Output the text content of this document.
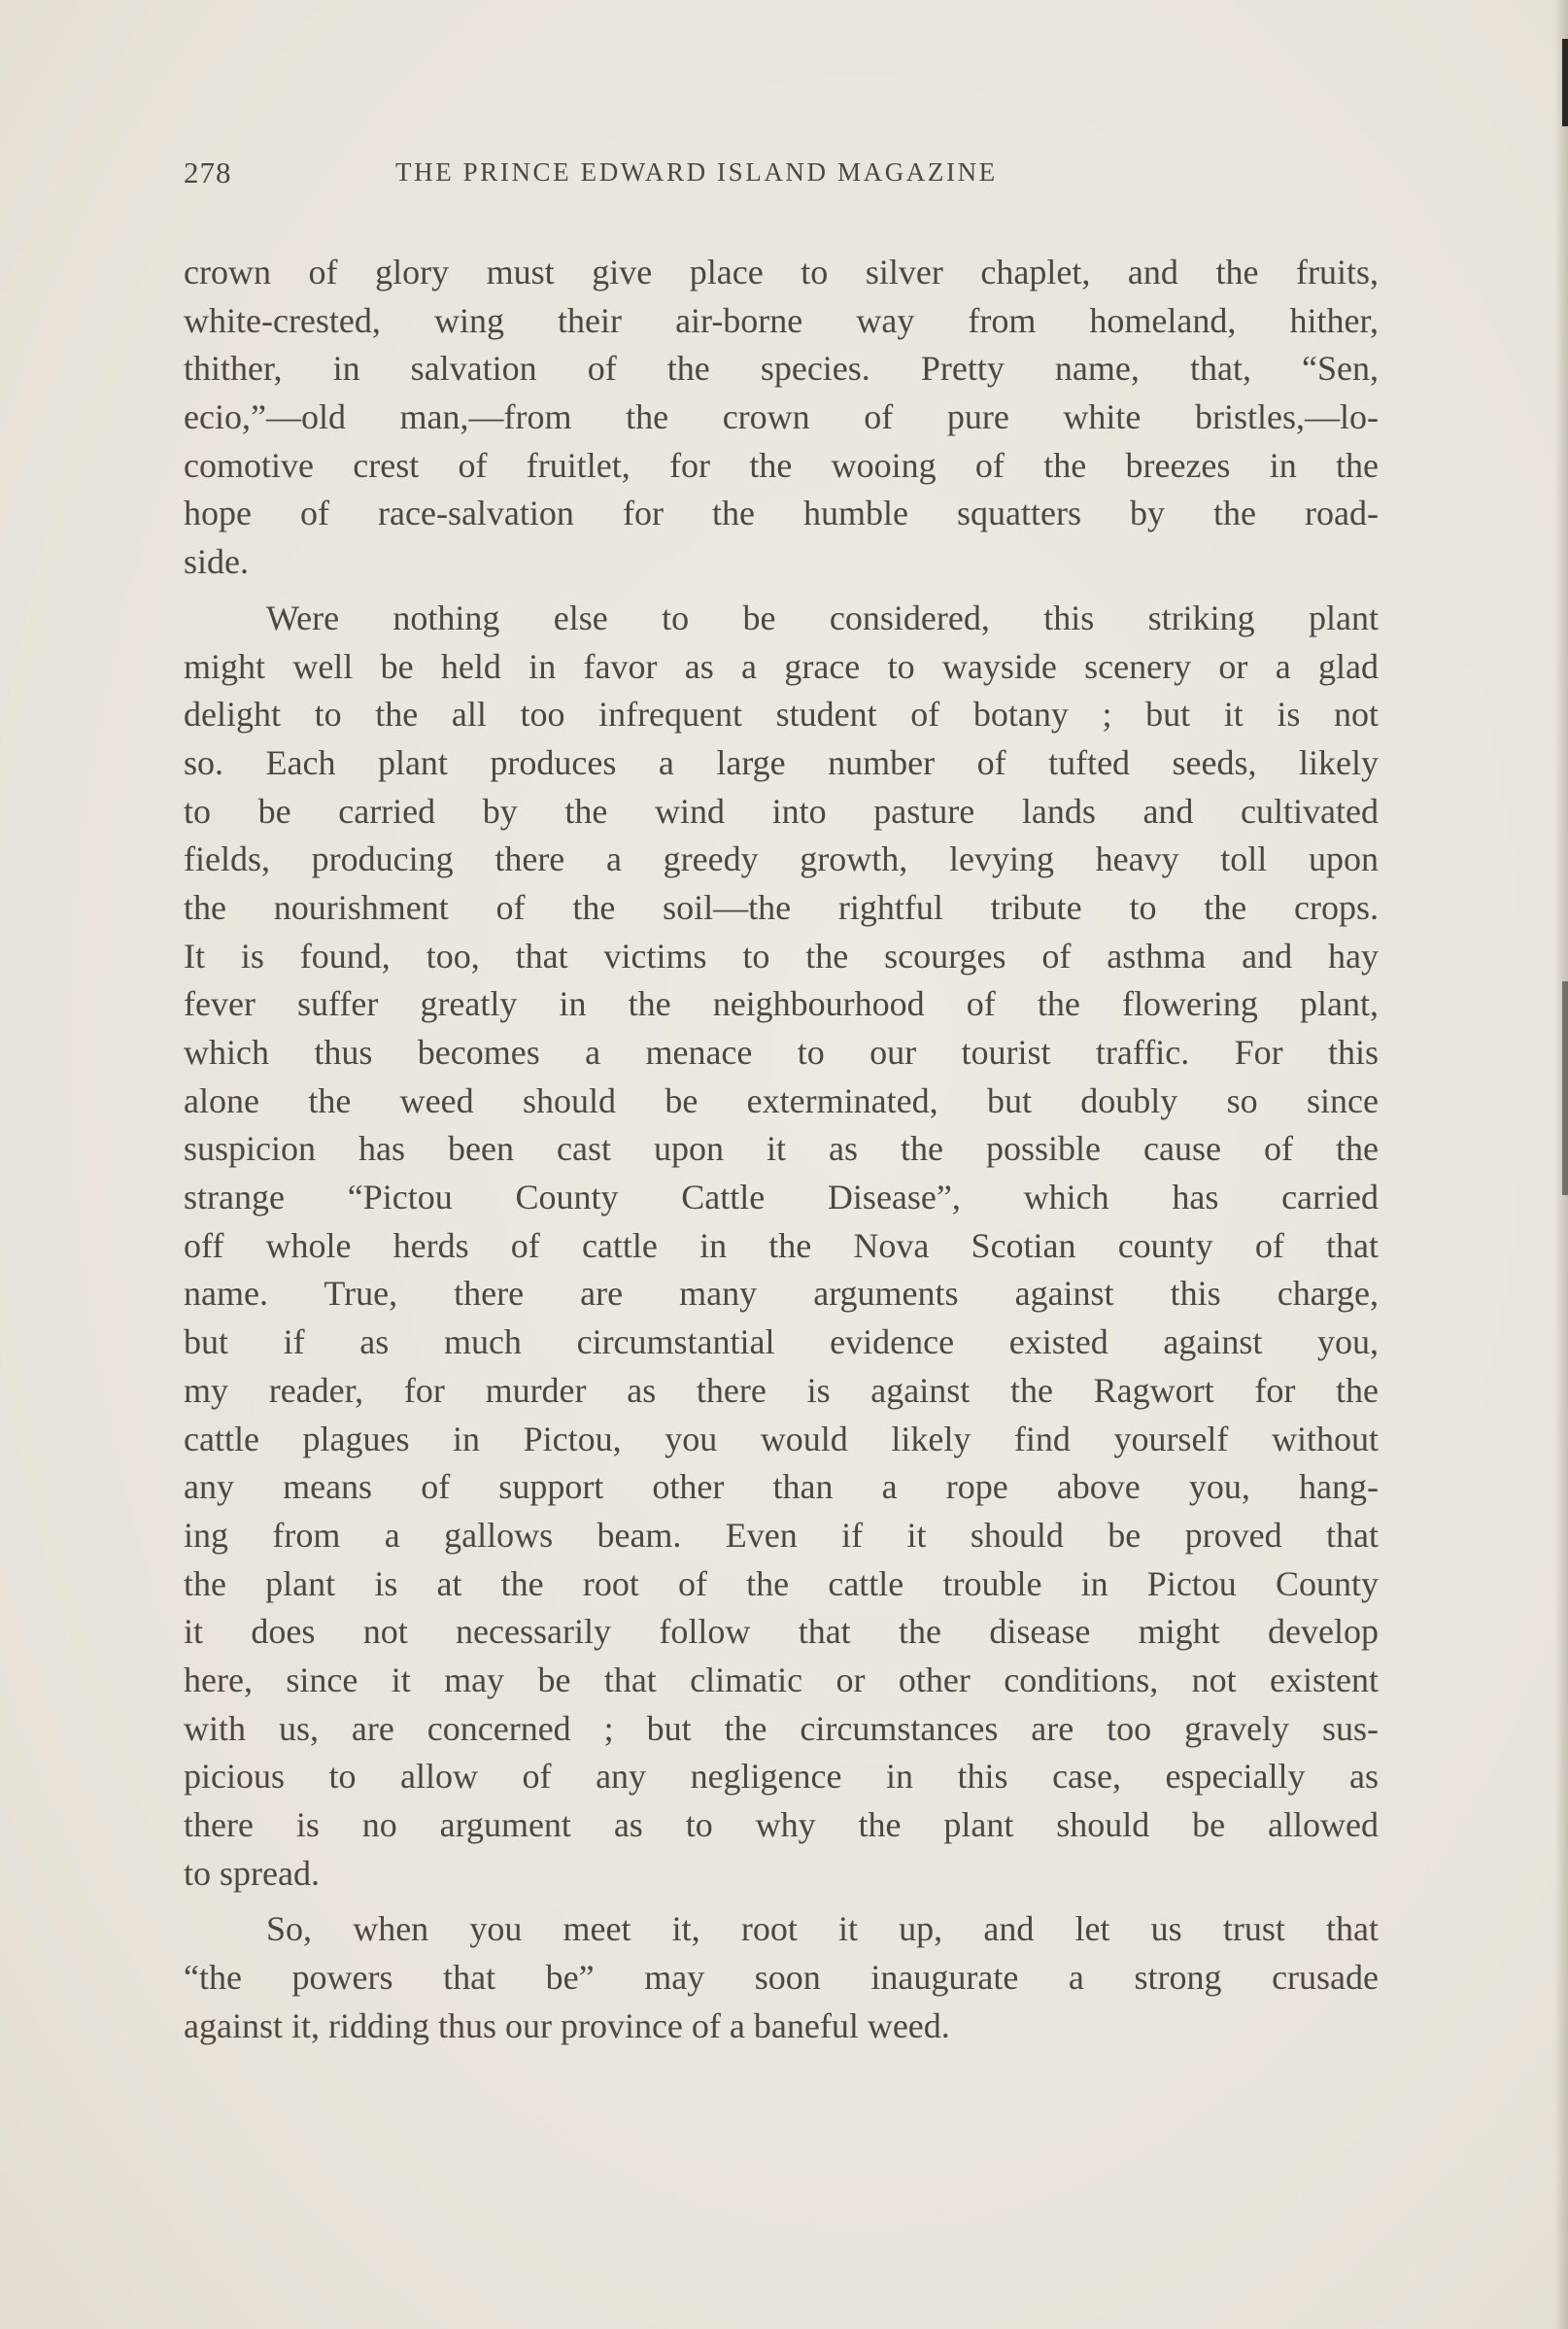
278	THE PRINCE EDWARD ISLAND MAGAZINE
crown of glory must give place to silver chaplet, and the fruits,
white-crested, wing their air-borne way from homeland, hither,
thither, in salvation of the species. Pretty name, that, “Sen,
ecio,”—old man,—from the crown of pure white bristles,—lo-
comotive crest of fruitlet, for the wooing of the breezes in the
hope of race-salvation for the humble squatters by the road-
side.
Were nothing else to be considered, this striking plant
might well be held in favor as a grace to wayside scenery or a glad
delight to the all too infrequent student of botany ; but it is not
so. Each plant produces a large number of tufted seeds, likely
to be carried by the wind into pasture lands and cultivated
fields, producing there a greedy growth, levying heavy toll upon
the nourishment of the soil—the rightful tribute to the crops.
It is found, too, that victims to the scourges of asthma and hay
fever suffer greatly in the neighbourhood of the flowering plant,
which thus becomes a menace to our tourist traffic. For this
alone the weed should be exterminated, but doubly so since
suspicion has been cast upon it as the possible cause of the
strange “Pictou County Cattle Disease”, which has carried
off whole herds of cattle in the Nova Scotian county of that
name. True, there are many arguments against this charge,
but if as much circumstantial evidence existed against you,
my reader, for murder as there is against the Ragwort for the
cattle plagues in Pictou, you would likely find yourself without
any means of support other than a rope above you, hang-
ing from a gallows beam. Even if it should be proved that
the plant is at the root of the cattle trouble in Pictou County
it does not necessarily follow that the disease might develop
here, since it may be that climatic or other conditions, not existent
with us, are concerned ; but the circumstances are too gravely sus-
picious to allow of any negligence in this case, especially as
there is no argument as to why the plant should be allowed
to spread.
So, when you meet it, root it up, and let us trust that
“the powers that be” may soon inaugurate a strong crusade
against it, ridding thus our province of a baneful weed.
